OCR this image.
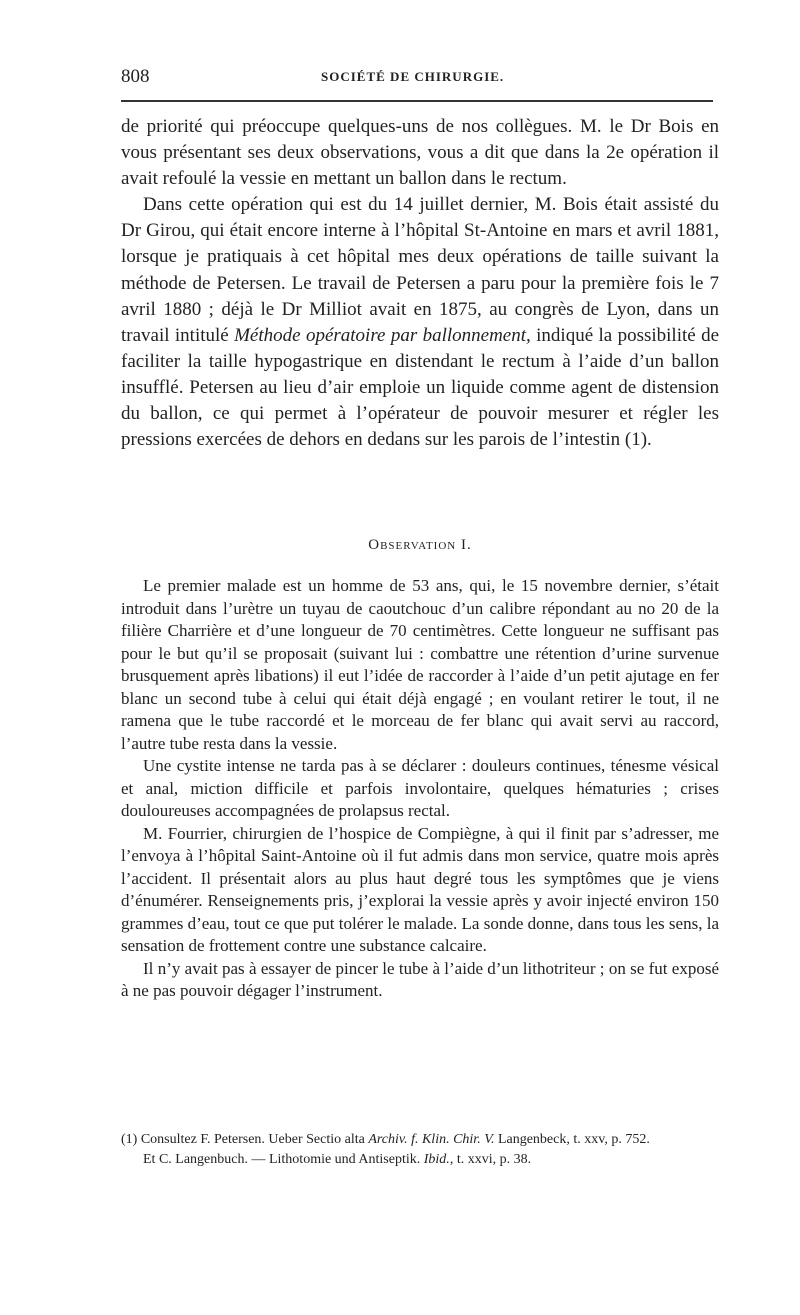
808	SOCIÉTÉ DE CHIRURGIE.

de priorité qui préoccupe quelques-uns de nos collègues. M. le Dr Bois en vous présentant ses deux observations, vous a dit que dans la 2e opération il avait refoulé la vessie en mettant un ballon dans le rectum.

Dans cette opération qui est du 14 juillet dernier, M. Bois était assisté du Dr Girou, qui était encore interne à l’hôpital St-Antoine en mars et avril 1881, lorsque je pratiquais à cet hôpital mes deux opérations de taille suivant la méthode de Petersen. Le travail de Petersen a paru pour la première fois le 7 avril 1880 ; déjà le Dr Milliot avait en 1875, au congrès de Lyon, dans un travail intitulé Méthode opératoire par ballonnement, indiqué la possibilité de faciliter la taille hypogastrique en distendant le rectum à l’aide d’un ballon insufflé. Petersen au lieu d’air emploie un liquide comme agent de distension du ballon, ce qui permet à l’opérateur de pouvoir mesurer et régler les pressions exercées de dehors en dedans sur les parois de l’intestin (1).

Observation I.

Le premier malade est un homme de 53 ans, qui, le 15 novembre dernier, s’était introduit dans l’urètre un tuyau de caoutchouc d’un calibre répondant au no 20 de la filière Charrière et d’une longueur de 70 centimètres. Cette longueur ne suffisant pas pour le but qu’il se proposait (suivant lui : combattre une rétention d’urine survenue brusquement après libations) il eut l’idée de raccorder à l’aide d’un petit ajutage en fer blanc un second tube à celui qui était déjà engagé ; en voulant retirer le tout, il ne ramena que le tube raccordé et le morceau de fer blanc qui avait servi au raccord, l’autre tube resta dans la vessie.

Une cystite intense ne tarda pas à se déclarer : douleurs continues, ténesme vésical et anal, miction difficile et parfois involontaire, quelques hématuries ; crises douloureuses accompagnées de prolapsus rectal.

M. Fourrier, chirurgien de l’hospice de Compiègne, à qui il finit par s’adresser, me l’envoya à l’hôpital Saint-Antoine où il fut admis dans mon service, quatre mois après l’accident. Il présentait alors au plus haut degré tous les symptômes que je viens d’énumérer. Renseignements pris, j’explorai la vessie après y avoir injecté environ 150 grammes d’eau, tout ce que put tolérer le malade. La sonde donne, dans tous les sens, la sensation de frottement contre une substance calcaire.

Il n’y avait pas à essayer de pincer le tube à l’aide d’un lithotriteur ; on se fut exposé à ne pas pouvoir dégager l’instrument.

(1) Consultez F. Petersen. Ueber Sectio alta Archiv. f. Klin. Chir. V. Langenbeck, t. xxv, p. 752.

Et C. Langenbuch. — Lithotomie und Antiseptik. Ibid., t. xxvi, p. 38.
